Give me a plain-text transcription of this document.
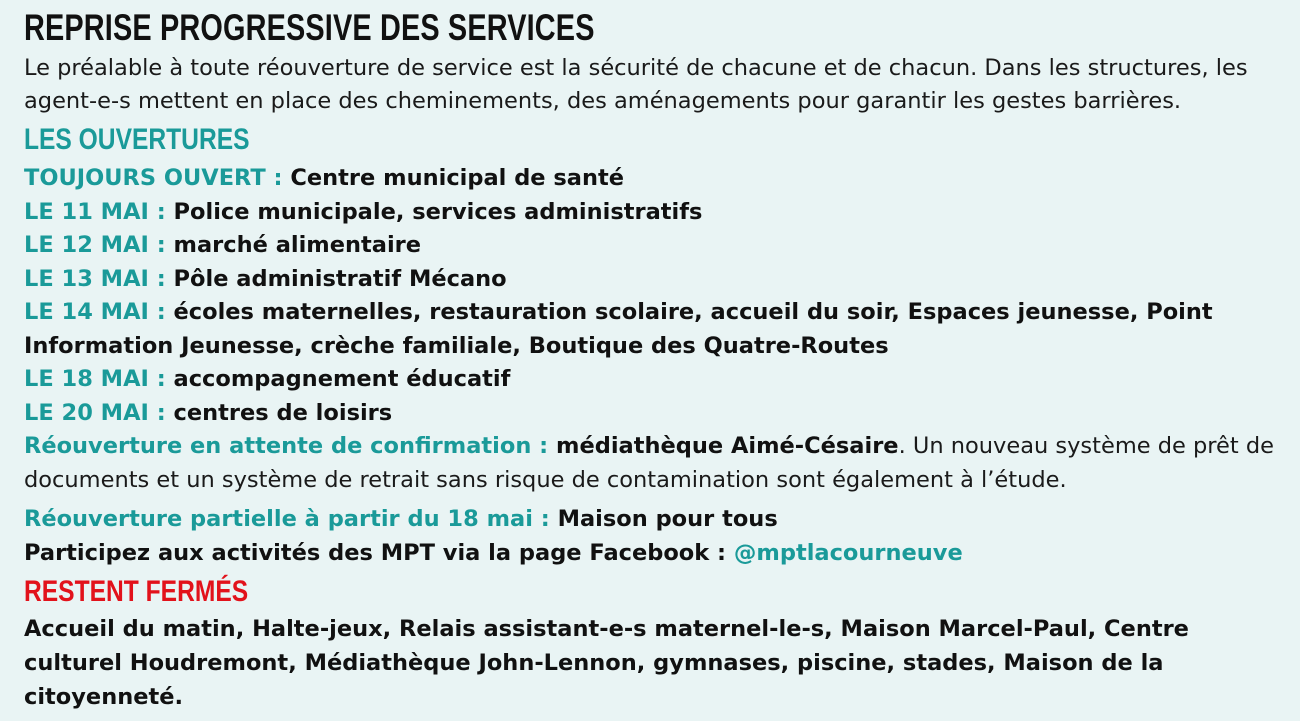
REPRISE PROGRESSIVE DES SERVICES

Le préalable à toute réouverture de service est la sécurité de chacune et de chacun. Dans les structures, les agent-e-s mettent en place des cheminements, des aménagements pour garantir les gestes barrières.

LES OUVERTURES
TOUJOURS OUVERT : Centre municipal de santé
LE 11 MAI : Police municipale, services administratifs
LE 12 MAI : marché alimentaire
LE 13 MAI : Pôle administratif Mécano
LE 14 MAI : écoles maternelles, restauration scolaire, accueil du soir, Espaces jeunesse, Point Information Jeunesse, crèche familiale, Boutique des Quatre-Routes
LE 18 MAI : accompagnement éducatif
LE 20 MAI : centres de loisirs
Réouverture en attente de confirmation : médiathèque Aimé-Césaire. Un nouveau système de prêt de documents et un système de retrait sans risque de contamination sont également à l’étude.
Réouverture partielle à partir du 18 mai : Maison pour tous
Participez aux activités des MPT via la page Facebook : @mptlacourneuve
RESTENT FERMÉS

Accueil du matin, Halte-jeux, Relais assistant-e-s maternel-le-s, Maison Marcel-Paul, Centre culturel Houdremont, Médiathèque John-Lennon, gymnases, piscine, stades, Maison de la citoyenneté.
